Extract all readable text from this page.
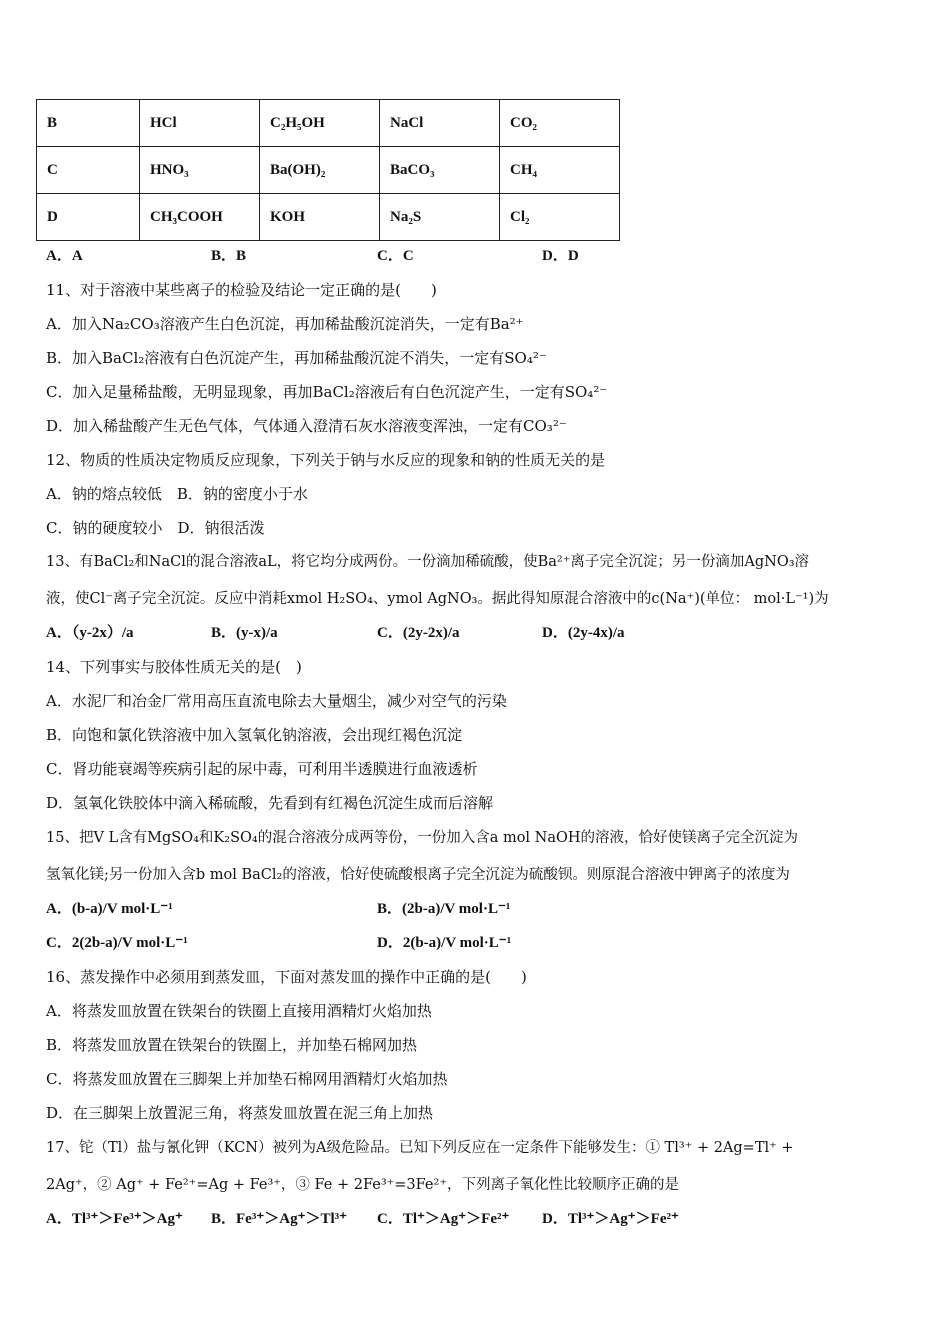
B	HCl	C₂H₅OH	NaCl	CO₂
C	HNO₃	Ba(OH)₂	BaCO₃	CH₄
D	CH₃COOH	KOH	Na₂S	Cl₂
A．A	B．B	C．C	D．D
11、对于溶液中某些离子的检验及结论一定正确的是(　　)
A．加入Na₂CO₃溶液产生白色沉淀，再加稀盐酸沉淀消失，一定有Ba²⁺
B．加入BaCl₂溶液有白色沉淀产生，再加稀盐酸沉淀不消失，一定有SO₄²⁻
C．加入足量稀盐酸，无明显现象，再加BaCl₂溶液后有白色沉淀产生，一定有SO₄²⁻
D．加入稀盐酸产生无色气体，气体通入澄清石灰水溶液变浑浊，一定有CO₃²⁻
12、物质的性质决定物质反应现象，下列关于钠与水反应的现象和钠的性质无关的是
A．钠的熔点较低　B．钠的密度小于水
C．钠的硬度较小　D．钠很活泼
13、有BaCl₂和NaCl的混合溶液aL，将它均分成两份。一份滴加稀硫酸，使Ba²⁺离子完全沉淀；另一份滴加AgNO₃溶
液，使Cl⁻离子完全沉淀。反应中消耗xmol H₂SO₄、ymol AgNO₃。据此得知原混合溶液中的c(Na⁺)(单位： mol·L⁻¹)为
A．（y-2x）/a	B．(y-x)/a	C．(2y-2x)/a	D．(2y-4x)/a
14、下列事实与胶体性质无关的是(　)
A．水泥厂和冶金厂常用高压直流电除去大量烟尘，减少对空气的污染
B．向饱和氯化铁溶液中加入氢氧化钠溶液，会出现红褐色沉淀
C．肾功能衰竭等疾病引起的尿中毒，可利用半透膜进行血液透析
D．氢氧化铁胶体中滴入稀硫酸，先看到有红褐色沉淀生成而后溶解
15、把V L含有MgSO₄和K₂SO₄的混合溶液分成两等份，一份加入含a mol NaOH的溶液，恰好使镁离子完全沉淀为
氢氧化镁;另一份加入含b mol BaCl₂的溶液，恰好使硫酸根离子完全沉淀为硫酸钡。则原混合溶液中钾离子的浓度为
A．(b-a)/V mol·L⁻¹	B．(2b-a)/V mol·L⁻¹
C．2(2b-a)/V mol·L⁻¹	D．2(b-a)/V mol·L⁻¹
16、蒸发操作中必须用到蒸发皿，下面对蒸发皿的操作中正确的是(　　)
A．将蒸发皿放置在铁架台的铁圈上直接用酒精灯火焰加热
B．将蒸发皿放置在铁架台的铁圈上，并加垫石棉网加热
C．将蒸发皿放置在三脚架上并加垫石棉网用酒精灯火焰加热
D．在三脚架上放置泥三角，将蒸发皿放置在泥三角上加热
17、铊（Tl）盐与氰化钾（KCN）被列为A级危险品。已知下列反应在一定条件下能够发生：① Tl³⁺ + 2Ag=Tl⁺ +
2Ag⁺，② Ag⁺ + Fe²⁺=Ag + Fe³⁺，③ Fe + 2Fe³⁺=3Fe²⁺，下列离子氧化性比较顺序正确的是
A．Tl³⁺＞Fe³⁺＞Ag⁺ B．Fe³⁺＞Ag⁺＞Tl³⁺ C．Tl⁺＞Ag⁺＞Fe²⁺ D．Tl³⁺＞Ag⁺＞Fe²⁺
